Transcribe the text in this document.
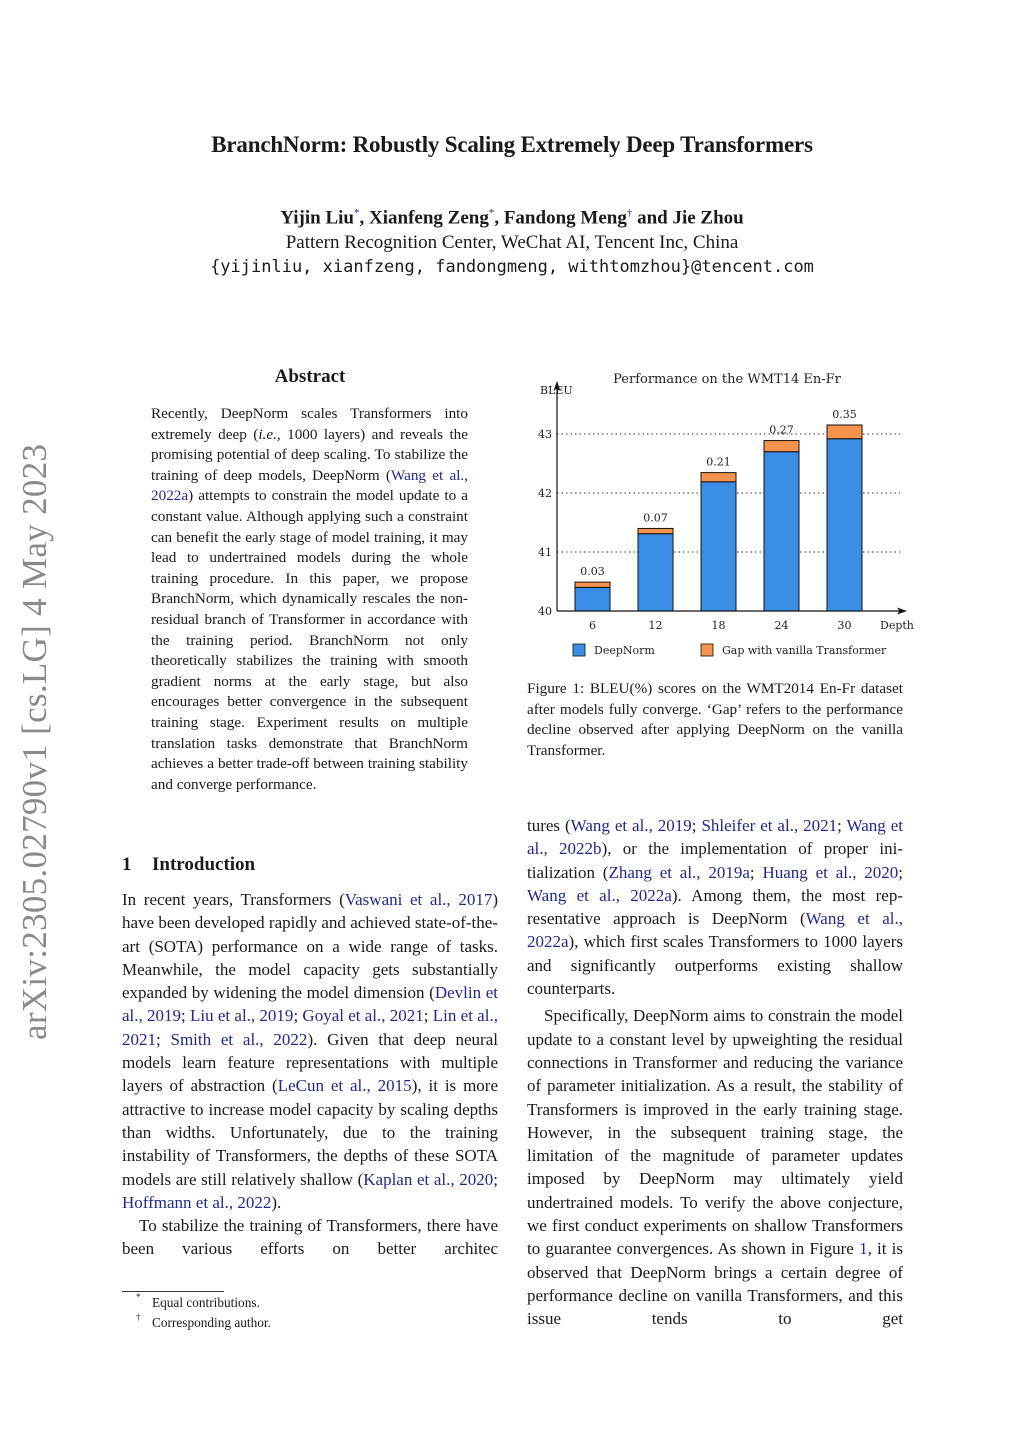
BranchNorm: Robustly Scaling Extremely Deep Transformers
Yijin Liu*, Xianfeng Zeng*, Fandong Meng† and Jie Zhou
Pattern Recognition Center, WeChat AI, Tencent Inc, China
{yijinliu, xianfzeng, fandongmeng, withtomzhou}@tencent.com
arXiv:2305.02790v1 [cs.LG] 4 May 2023
Abstract
Recently, DeepNorm scales Transformers into extremely deep (i.e., 1000 layers) and reveals the promising potential of deep scaling. To stabilize the training of deep models, DeepNorm (Wang et al., 2022a) attempts to constrain the model update to a constant value. Although applying such a constraint can benefit the early stage of model training, it may lead to undertrained models during the whole training procedure. In this paper, we propose BranchNorm, which dynamically rescales the non-residual branch of Transformer in accordance with the training period. BranchNorm not only theoretically stabilizes the training with smooth gradient norms at the early stage, but also encourages better convergence in the subsequent training stage. Experiment results on multiple translation tasks demonstrate that BranchNorm achieves a better trade-off between training stability and converge performance.
1 Introduction

In recent years, Transformers (Vaswani et al., 2017) have been developed rapidly and achieved state-of-the-art (SOTA) performance on a wide range of tasks. Meanwhile, the model capacity gets substantially expanded by widening the model dimension (Devlin et al., 2019; Liu et al., 2019; Goyal et al., 2021; Lin et al., 2021; Smith et al., 2022). Given that deep neural models learn feature representations with multiple layers of abstraction (LeCun et al., 2015), it is more attractive to increase model capacity by scaling depths than widths. Unfortunately, due to the training instability of Transformers, the depths of these SOTA models are still relatively shallow (Kaplan et al., 2020; Hoffmann et al., 2022).

To stabilize the training of Transformers, there have been various efforts on better architec

* Equal contributions.
† Corresponding author.
0.03
0.07
0.21
0.27
0.35
Performance on the WMT14 En-Fr
BLEU
Depth
40
41
42
43
6	12	18	24	30
DeepNorm	Gap with vanilla Transformer
Figure 1: BLEU(%) scores on the WMT2014 En-Fr dataset after models fully converge. ‘Gap’ refers to the performance decline observed after applying DeepNorm on the vanilla Transformer.

tures (Wang et al., 2019; Shleifer et al., 2021; Wang et al., 2022b), or the implementation of proper initialization (Zhang et al., 2019a; Huang et al., 2020; Wang et al., 2022a). Among them, the most representative approach is DeepNorm (Wang et al., 2022a), which first scales Transformers to 1000 layers and significantly outperforms existing shallow counterparts.

Specifically, DeepNorm aims to constrain the model update to a constant level by upweighting the residual connections in Transformer and reducing the variance of parameter initialization. As a result, the stability of Transformers is improved in the early training stage. However, in the subsequent training stage, the limitation of the magnitude of parameter updates imposed by DeepNorm may ultimately yield undertrained models. To verify the above conjecture, we first conduct experiments on shallow Transformers to guarantee convergences. As shown in Figure 1, it is observed that DeepNorm brings a certain degree of performance decline on vanilla Transformers, and this issue tends to get
